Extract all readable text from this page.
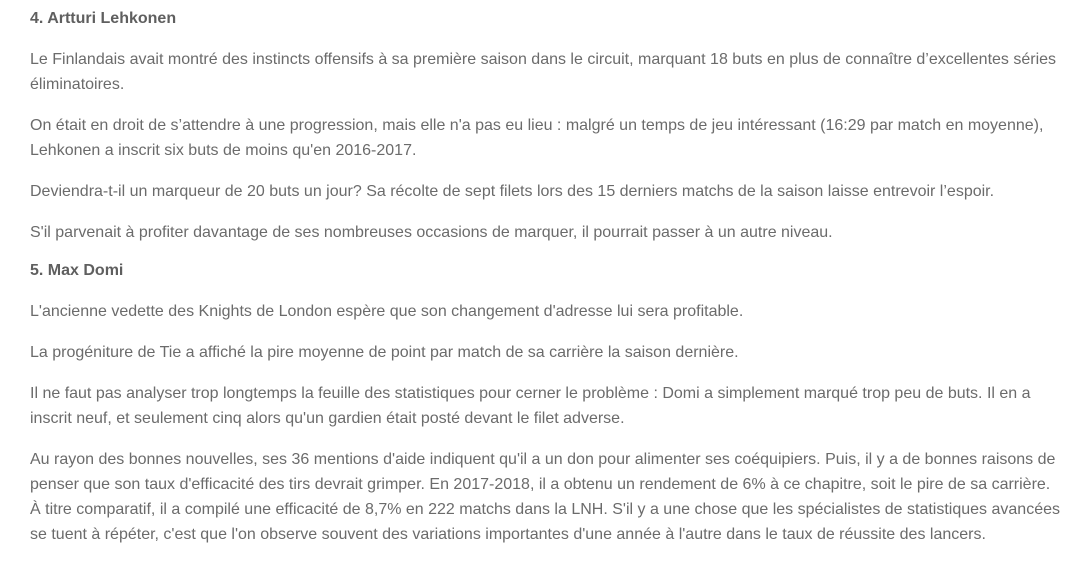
4. Artturi Lehkonen

Le Finlandais avait montré des instincts offensifs à sa première saison dans le circuit, marquant 18 buts en plus de connaître d’excellentes séries éliminatoires.

On était en droit de s’attendre à une progression, mais elle n'a pas eu lieu : malgré un temps de jeu intéressant (16:29 par match en moyenne), Lehkonen a inscrit six buts de moins qu'en 2016-2017.

Deviendra-t-il un marqueur de 20 buts un jour? Sa récolte de sept filets lors des 15 derniers matchs de la saison laisse entrevoir l’espoir.

S'il parvenait à profiter davantage de ses nombreuses occasions de marquer, il pourrait passer à un autre niveau.

5. Max Domi

L'ancienne vedette des Knights de London espère que son changement d'adresse lui sera profitable.

La progéniture de Tie a affiché la pire moyenne de point par match de sa carrière la saison dernière.

Il ne faut pas analyser trop longtemps la feuille des statistiques pour cerner le problème : Domi a simplement marqué trop peu de buts. Il en a inscrit neuf, et seulement cinq alors qu'un gardien était posté devant le filet adverse.

Au rayon des bonnes nouvelles, ses 36 mentions d'aide indiquent qu'il a un don pour alimenter ses coéquipiers. Puis, il y a de bonnes raisons de penser que son taux d'efficacité des tirs devrait grimper. En 2017-2018, il a obtenu un rendement de 6% à ce chapitre, soit le pire de sa carrière. À titre comparatif, il a compilé une efficacité de 8,7% en 222 matchs dans la LNH. S'il y a une chose que les spécialistes de statistiques avancées se tuent à répéter, c'est que l'on observe souvent des variations importantes d'une année à l'autre dans le taux de réussite des lancers.
